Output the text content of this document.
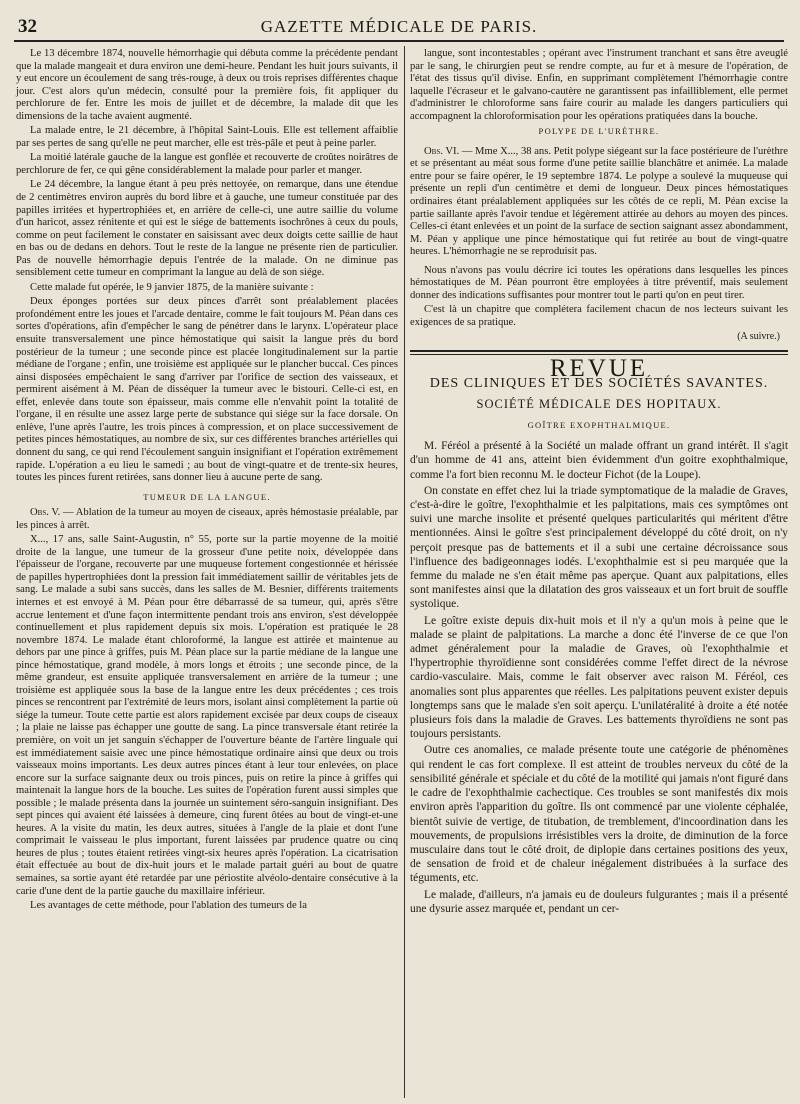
32	GAZETTE MÉDICALE DE PARIS.

Le 13 décembre 1874, nouvelle hémorrhagie qui débuta comme la précédente pendant que la malade mangeait et dura environ une demi-heure. Pendant les huit jours suivants, il y eut encore un écoulement de sang très-rouge, à deux ou trois reprises différentes chaque jour. C'est alors qu'un médecin, consulté pour la première fois, fit appliquer du perchlorure de fer. Entre les mois de juillet et de décembre, la malade dit que les dimensions de la tache avaient augmenté.

La malade entre, le 21 décembre, à l'hôpital Saint-Louis. Elle est tellement affaiblie par ses pertes de sang qu'elle ne peut marcher, elle est très-pâle et peut à peine parler.

La moitié latérale gauche de la langue est gonflée et recouverte de croûtes noirâtres de perchlorure de fer, ce qui gêne considérablement la malade pour parler et manger.

Le 24 décembre, la langue étant à peu près nettoyée, on remarque, dans une étendue de 2 centimètres environ auprès du bord libre et à gauche, une tumeur constituée par des papilles irritées et hypertrophiées et, en arrière de celle-ci, une autre saillie du volume d'un haricot, assez rénitente et qui est le siége de battements isochrônes à ceux du pouls, comme on peut facilement le constater en saisissant avec deux doigts cette saillie de haut en bas ou de dedans en dehors. Tout le reste de la langue ne présente rien de particulier. Pas de nouvelle hémorrhagie depuis l'entrée de la malade. On ne diminue pas sensiblement cette tumeur en comprimant la langue au delà de son siége.

Cette malade fut opérée, le 9 janvier 1875, de la manière suivante :

Deux éponges portées sur deux pinces d'arrêt sont préalablement placées profondément entre les joues et l'arcade dentaire, comme le fait toujours M. Péan dans ces sortes d'opérations, afin d'empêcher le sang de pénétrer dans le larynx. L'opérateur place ensuite transversalement une pince hémostatique qui saisit la langue près du bord postérieur de la tumeur ; une seconde pince est placée longitudinalement sur la partie médiane de l'organe ; enfin, une troisième est appliquée sur le plancher buccal. Ces pinces ainsi disposées empêchaient le sang d'arriver par l'orifice de section des vaisseaux, et permirent aisément à M. Péan de disséquer la tumeur avec le bistouri. Celle-ci est, en effet, enlevée dans toute son épaisseur, mais comme elle n'envahit point la totalité de l'organe, il en résulte une assez large perte de substance qui siége sur la face dorsale. On enlève, l'une après l'autre, les trois pinces à compression, et on place successivement de petites pinces hémostatiques, au nombre de six, sur ces différentes branches artérielles qui donnent du sang, ce qui rend l'écoulement sanguin insignifiant et l'opération extrêmement rapide. L'opération a eu lieu le samedi ; au bout de vingt-quatre et de trente-six heures, toutes les pinces furent retirées, sans donner lieu à aucune perte de sang.

TUMEUR DE LA LANGUE.

Obs. V. — Ablation de la tumeur au moyen de ciseaux, après hémostasie préalable, par les pinces à arrêt.

X..., 17 ans, salle Saint-Augustin, n° 55, porte sur la partie moyenne de la moitié droite de la langue, une tumeur de la grosseur d'une petite noix, développée dans l'épaisseur de l'organe, recouverte par une muqueuse fortement congestionnée et hérissée de papilles hypertrophiées dont la pression fait immédiatement saillir de véritables jets de sang. Le malade a subi sans succès, dans les salles de M. Besnier, différents traitements internes et est envoyé à M. Péan pour être débarrassé de sa tumeur, qui, après s'être accrue lentement et d'une façon intermittente pendant trois ans environ, s'est développée continuellement et plus rapidement depuis six mois. L'opération est pratiquée le 28 novembre 1874. Le malade étant chloroformé, la langue est attirée et maintenue au dehors par une pince à griffes, puis M. Péan place sur la partie médiane de la langue une pince hémostatique, grand modèle, à mors longs et étroits ; une seconde pince, de la même grandeur, est ensuite appliquée transversalement en arrière de la tumeur ; une troisième est appliquée sous la base de la langue entre les deux précédentes ; ces trois pinces se rencontrent par l'extrémité de leurs mors, isolant ainsi complètement la partie où siége la tumeur. Toute cette partie est alors rapidement excisée par deux coups de ciseaux ; la plaie ne laisse pas échapper une goutte de sang. La pince transversale étant retirée la première, on voit un jet sanguin s'échapper de l'ouverture béante de l'artère linguale qui est immédiatement saisie avec une pince hémostatique ordinaire ainsi que deux ou trois vaisseaux moins importants. Les deux autres pinces étant à leur tour enlevées, on place encore sur la surface saignante deux ou trois pinces, puis on retire la pince à griffes qui maintenait la langue hors de la bouche. Les suites de l'opération furent aussi simples que possible ; le malade présenta dans la journée un suintement séro-sanguin insignifiant. Des sept pinces qui avaient été laissées à demeure, cinq furent ôtées au bout de vingt-et-une heures. A la visite du matin, les deux autres, situées à l'angle de la plaie et dont l'une comprimait le vaisseau le plus important, furent laissées par prudence quatre ou cinq heures de plus ; toutes étaient retirées vingt-six heures après l'opération. La cicatrisation était effectuée au bout de dix-huit jours et le malade partait guéri au bout de quatre semaines, sa sortie ayant été retardée par une périostite alvéolo-dentaire consécutive à la carie d'une dent de la partie gauche du maxillaire inférieur.

Les avantages de cette méthode, pour l'ablation des tumeurs de la

langue, sont incontestables ; opérant avec l'instrument tranchant et sans être aveuglé par le sang, le chirurgien peut se rendre compte, au fur et à mesure de l'opération, de l'état des tissus qu'il divise. Enfin, en supprimant complètement l'hémorrhagie contre laquelle l'écraseur et le galvano-cautère ne garantissent pas infailliblement, elle permet d'administrer le chloroforme sans faire courir au malade les dangers particuliers qui accompagnent la chloroformisation pour les opérations pratiquées dans la bouche.

POLYPE DE L'URÈTHRE.

Obs. VI. — Mme X..., 38 ans. Petit polype siégeant sur la face postérieure de l'urèthre et se présentant au méat sous forme d'une petite saillie blanchâtre et animée. La malade entre pour se faire opérer, le 19 septembre 1874. Le polype a soulevé la muqueuse qui présente un repli d'un centimètre et demi de longueur. Deux pinces hémostatiques ordinaires étant préalablement appliquées sur les côtés de ce repli, M. Péan excise la partie saillante après l'avoir tendue et légèrement attirée au dehors au moyen des pinces. Celles-ci étant enlevées et un point de la surface de section saignant assez abondamment, M. Péan y applique une pince hémostatique qui fut retirée au bout de vingt-quatre heures. L'hémorrhagie ne se reproduisit pas.

Nous n'avons pas voulu décrire ici toutes les opérations dans lesquelles les pinces hémostatiques de M. Péan pourront être employées à titre préventif, mais seulement donner des indications suffisantes pour montrer tout le parti qu'on en peut tirer.

C'est là un chapitre que complétera facilement chacun de nos lecteurs suivant les exigences de sa pratique.

(A suivre.)
REVUE
DES CLINIQUES ET DES SOCIÉTÉS SAVANTES.
SOCIÉTÉ MÉDICALE DES HOPITAUX.
GOÎTRE EXOPHTHALMIQUE.

M. Féréol a présenté à la Société un malade offrant un grand intérêt. Il s'agit d'un homme de 41 ans, atteint bien évidemment d'un goitre exophthalmique, comme l'a fort bien reconnu M. le docteur Fichot (de la Loupe).

On constate en effet chez lui la triade symptomatique de la maladie de Graves, c'est-à-dire le goître, l'exophthalmie et les palpitations, mais ces symptômes ont suivi une marche insolite et présenté quelques particularités qui méritent d'être mentionnées. Ainsi le goître s'est principalement développé du côté droit, on n'y perçoit presque pas de battements et il a subi une certaine décroissance sous l'influence des badigeonnages iodés. L'exophthalmie est si peu marquée que la femme du malade ne s'en était même pas aperçue. Quant aux palpitations, elles sont manifestes ainsi que la dilatation des gros vaisseaux et un fort bruit de souffle systolique.

Le goître existe depuis dix-huit mois et il n'y a qu'un mois à peine que le malade se plaint de palpitations. La marche a donc été l'inverse de ce que l'on admet généralement pour la maladie de Graves, où l'exophthalmie et l'hypertrophie thyroïdienne sont considérées comme l'effet direct de la névrose cardio-vasculaire. Mais, comme le fait observer avec raison M. Féréol, ces anomalies sont plus apparentes que réelles. Les palpitations peuvent exister depuis longtemps sans que le malade s'en soit aperçu. L'unilatéralité à droite a été notée plusieurs fois dans la maladie de Graves. Les battements thyroïdiens ne sont pas toujours persistants.

Outre ces anomalies, ce malade présente toute une catégorie de phénomènes qui rendent le cas fort complexe. Il est atteint de troubles nerveux du côté de la sensibilité générale et spéciale et du côté de la motilité qui jamais n'ont figuré dans le cadre de l'exophthalmie cachectique. Ces troubles se sont manifestés dix mois environ après l'apparition du goître. Ils ont commencé par une violente céphalée, bientôt suivie de vertige, de titubation, de tremblement, d'incoordination dans les mouvements, de propulsions irrésistibles vers la droite, de diminution de la force musculaire dans tout le côté droit, de diplopie dans certaines positions des yeux, de sensation de froid et de chaleur inégalement distribuées à la surface des téguments, etc.

Le malade, d'ailleurs, n'a jamais eu de douleurs fulgurantes ; mais il a présenté une dysurie assez marquée et, pendant un cer-
